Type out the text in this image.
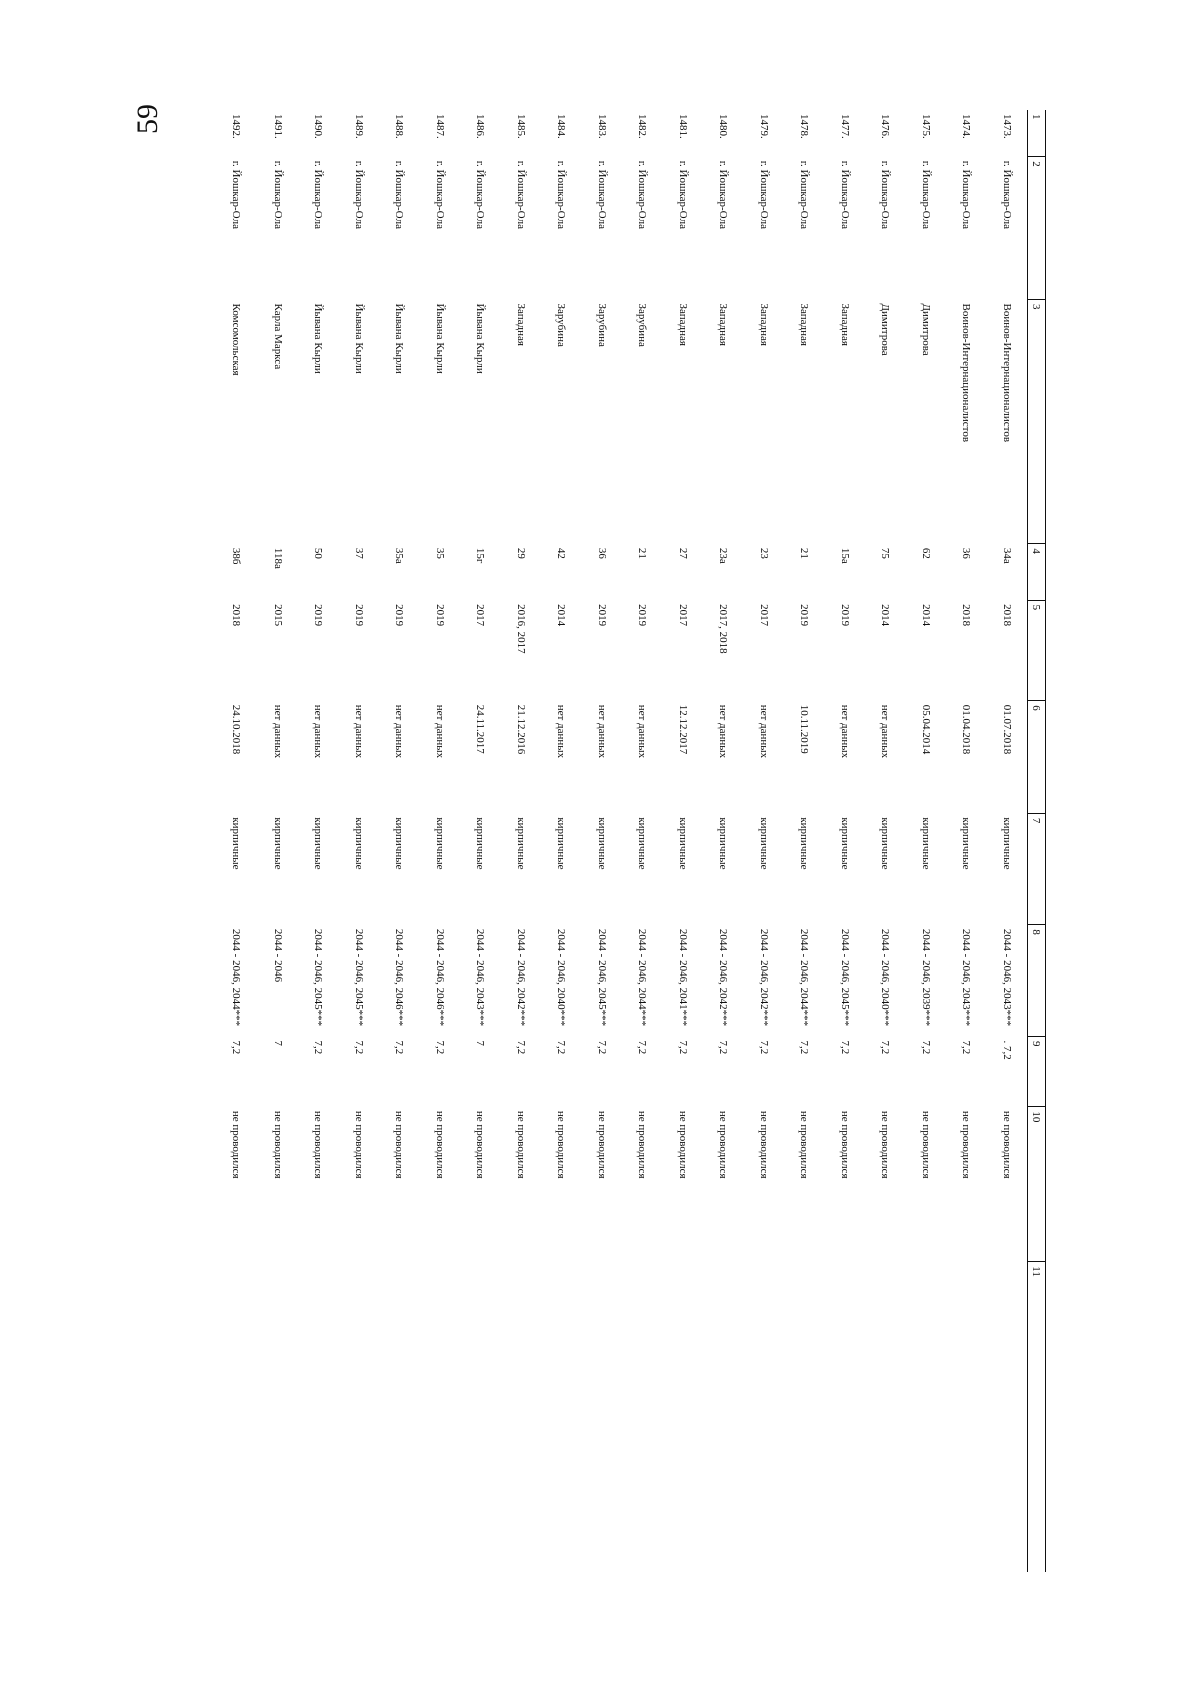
59	1	2	3	4	5	6	7	8	9	10	11
1473.	г. Йошкар-Ола	Воинов-Интернационалистов	34а	2018	01.07.2018	кирпичные	2044 - 2046, 2043***	. 7,2	не проводился	
1474.	г. Йошкар-Ола	Воинов-Интернационалистов	36	2018	01.04.2018	кирпичные	2044 - 2046, 2043***	7,2	не проводился	
1475.	г. Йошкар-Ола	Димитрова	62	2014	05.04.2014	кирпичные	2044 - 2046, 2039***	7,2	не проводился	
1476.	г. Йошкар-Ола	Димитрова	75	2014	нет данных	кирпичные	2044 - 2046, 2040***	7,2	не проводился	
1477.	г. Йошкар-Ола	Западная	15а	2019	нет данных	кирпичные	2044 - 2046, 2045***	7,2	не проводился	
1478.	г. Йошкар-Ола	Западная	21	2019	10.11.2019	кирпичные	2044 - 2046, 2044***	7,2	не проводился	
1479.	г. Йошкар-Ола	Западная	23	2017	нет данных	кирпичные	2044 - 2046, 2042***	7,2	не проводился	
1480.	г. Йошкар-Ола	Западная	23а	2017, 2018	нет данных	кирпичные	2044 - 2046, 2042***	7,2	не проводился	
1481.	г. Йошкар-Ола	Западная	27	2017	12.12.2017	кирпичные	2044 - 2046, 2041***	7,2	не проводился	
1482.	г. Йошкар-Ола	Зарубина	21	2019	нет данных	кирпичные	2044 - 2046, 2044***	7,2	не проводился	
1483.	г. Йошкар-Ола	Зарубина	36	2019	нет данных	кирпичные	2044 - 2046, 2045***	7,2	не проводился	
1484.	г. Йошкар-Ола	Зарубина	42	2014	нет данных	кирпичные	2044 - 2046, 2040***	7,2	не проводился	
1485.	г. Йошкар-Ола	Западная	29	2016, 2017	21.12.2016	кирпичные	2044 - 2046, 2042***	7,2	не проводился	
1486.	г. Йошкар-Ола	Йывана Кырли	15г	2017	24.11.2017	кирпичные	2044 - 2046, 2043***	7	не проводился	
1487.	г. Йошкар-Ола	Йывана Кырли	35	2019	нет данных	кирпичные	2044 - 2046, 2046***	7,2	не проводился	
1488.	г. Йошкар-Ола	Йывана Кырли	35а	2019	нет данных	кирпичные	2044 - 2046, 2046***	7,2	не проводился	
1489.	г. Йошкар-Ола	Йывана Кырли	37	2019	нет данных	кирпичные	2044 - 2046, 2045***	7,2	не проводился	
1490.	г. Йошкар-Ола	Йывана Кырли	50	2019	нет данных	кирпичные	2044 - 2046, 2045***	7,2	не проводился	
1491.	г. Йошкар-Ола	Карла Маркса	118а	2015	нет данных	кирпичные	2044 - 2046	7	не проводился	
1492.	г. Йошкар-Ола	Комсомольская	38б	2018	24.10.2018	кирпичные	2044 - 2046, 2044***	7,2	не проводился	
